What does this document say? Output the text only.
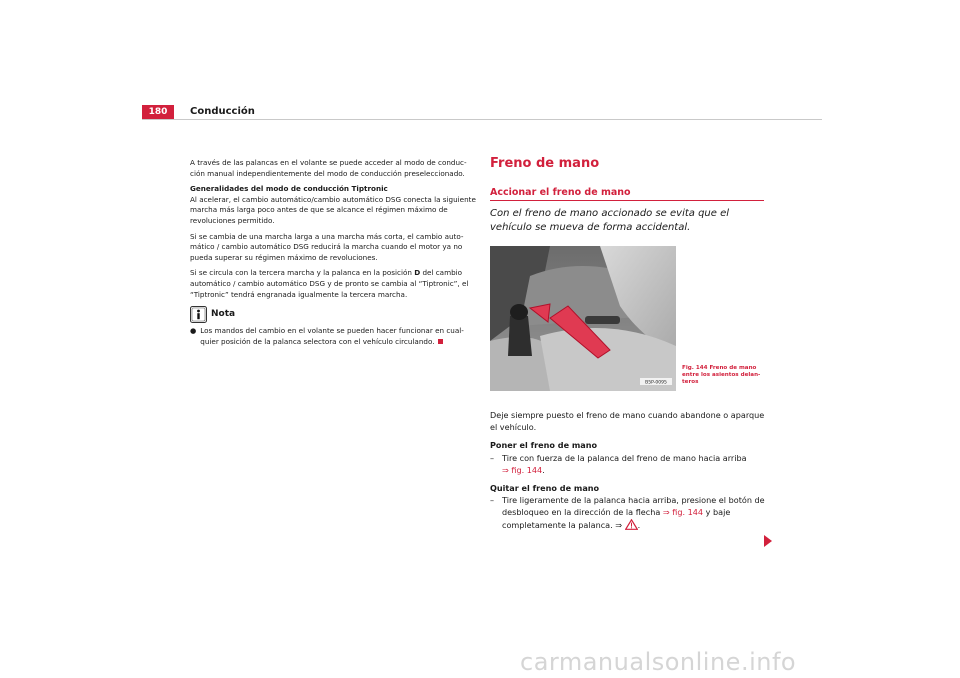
180	Conducción

A través de las palancas en el volante se puede acceder al modo de conduc-ción manual independientemente del modo de conducción preseleccionado.

Generalidades del modo de conducción Tiptronic

Al acelerar, el cambio automático/cambio automático DSG conecta la siguiente marcha más larga poco antes de que se alcance el régimen máximo de revoluciones permitido.

Si se cambia de una marcha larga a una marcha más corta, el cambio auto-mático / cambio automático DSG reducirá la marcha cuando el motor ya no pueda superar su régimen máximo de revoluciones.

Si se circula con la tercera marcha y la palanca en la posición D del cambio automático / cambio automático DSG y de pronto se cambia al “Tiptronic”, el “Tiptronic” tendrá engranada igualmente la tercera marcha.

Nota
● Los mandos del cambio en el volante se pueden hacer funcionar en cual-quier posición de la palanca selectora con el vehículo circulando.
Freno de mano
Accionar el freno de mano
Con el freno de mano accionado se evita que el vehículo se mueva de forma accidental.
B5P-0095
Fig. 144 Freno de mano entre los asientos delan-teros

Deje siempre puesto el freno de mano cuando abandone o aparque el vehículo.

Poner el freno de mano

– Tire con fuerza de la palanca del freno de mano hacia arriba
⇒ fig. 144.

Quitar el freno de mano

– Tire ligeramente de la palanca hacia arriba, presione el botón de desbloqueo en la dirección de la flecha ⇒ fig. 144 y baje completamente la palanca. ⇒ .
carmanualsonline.info
